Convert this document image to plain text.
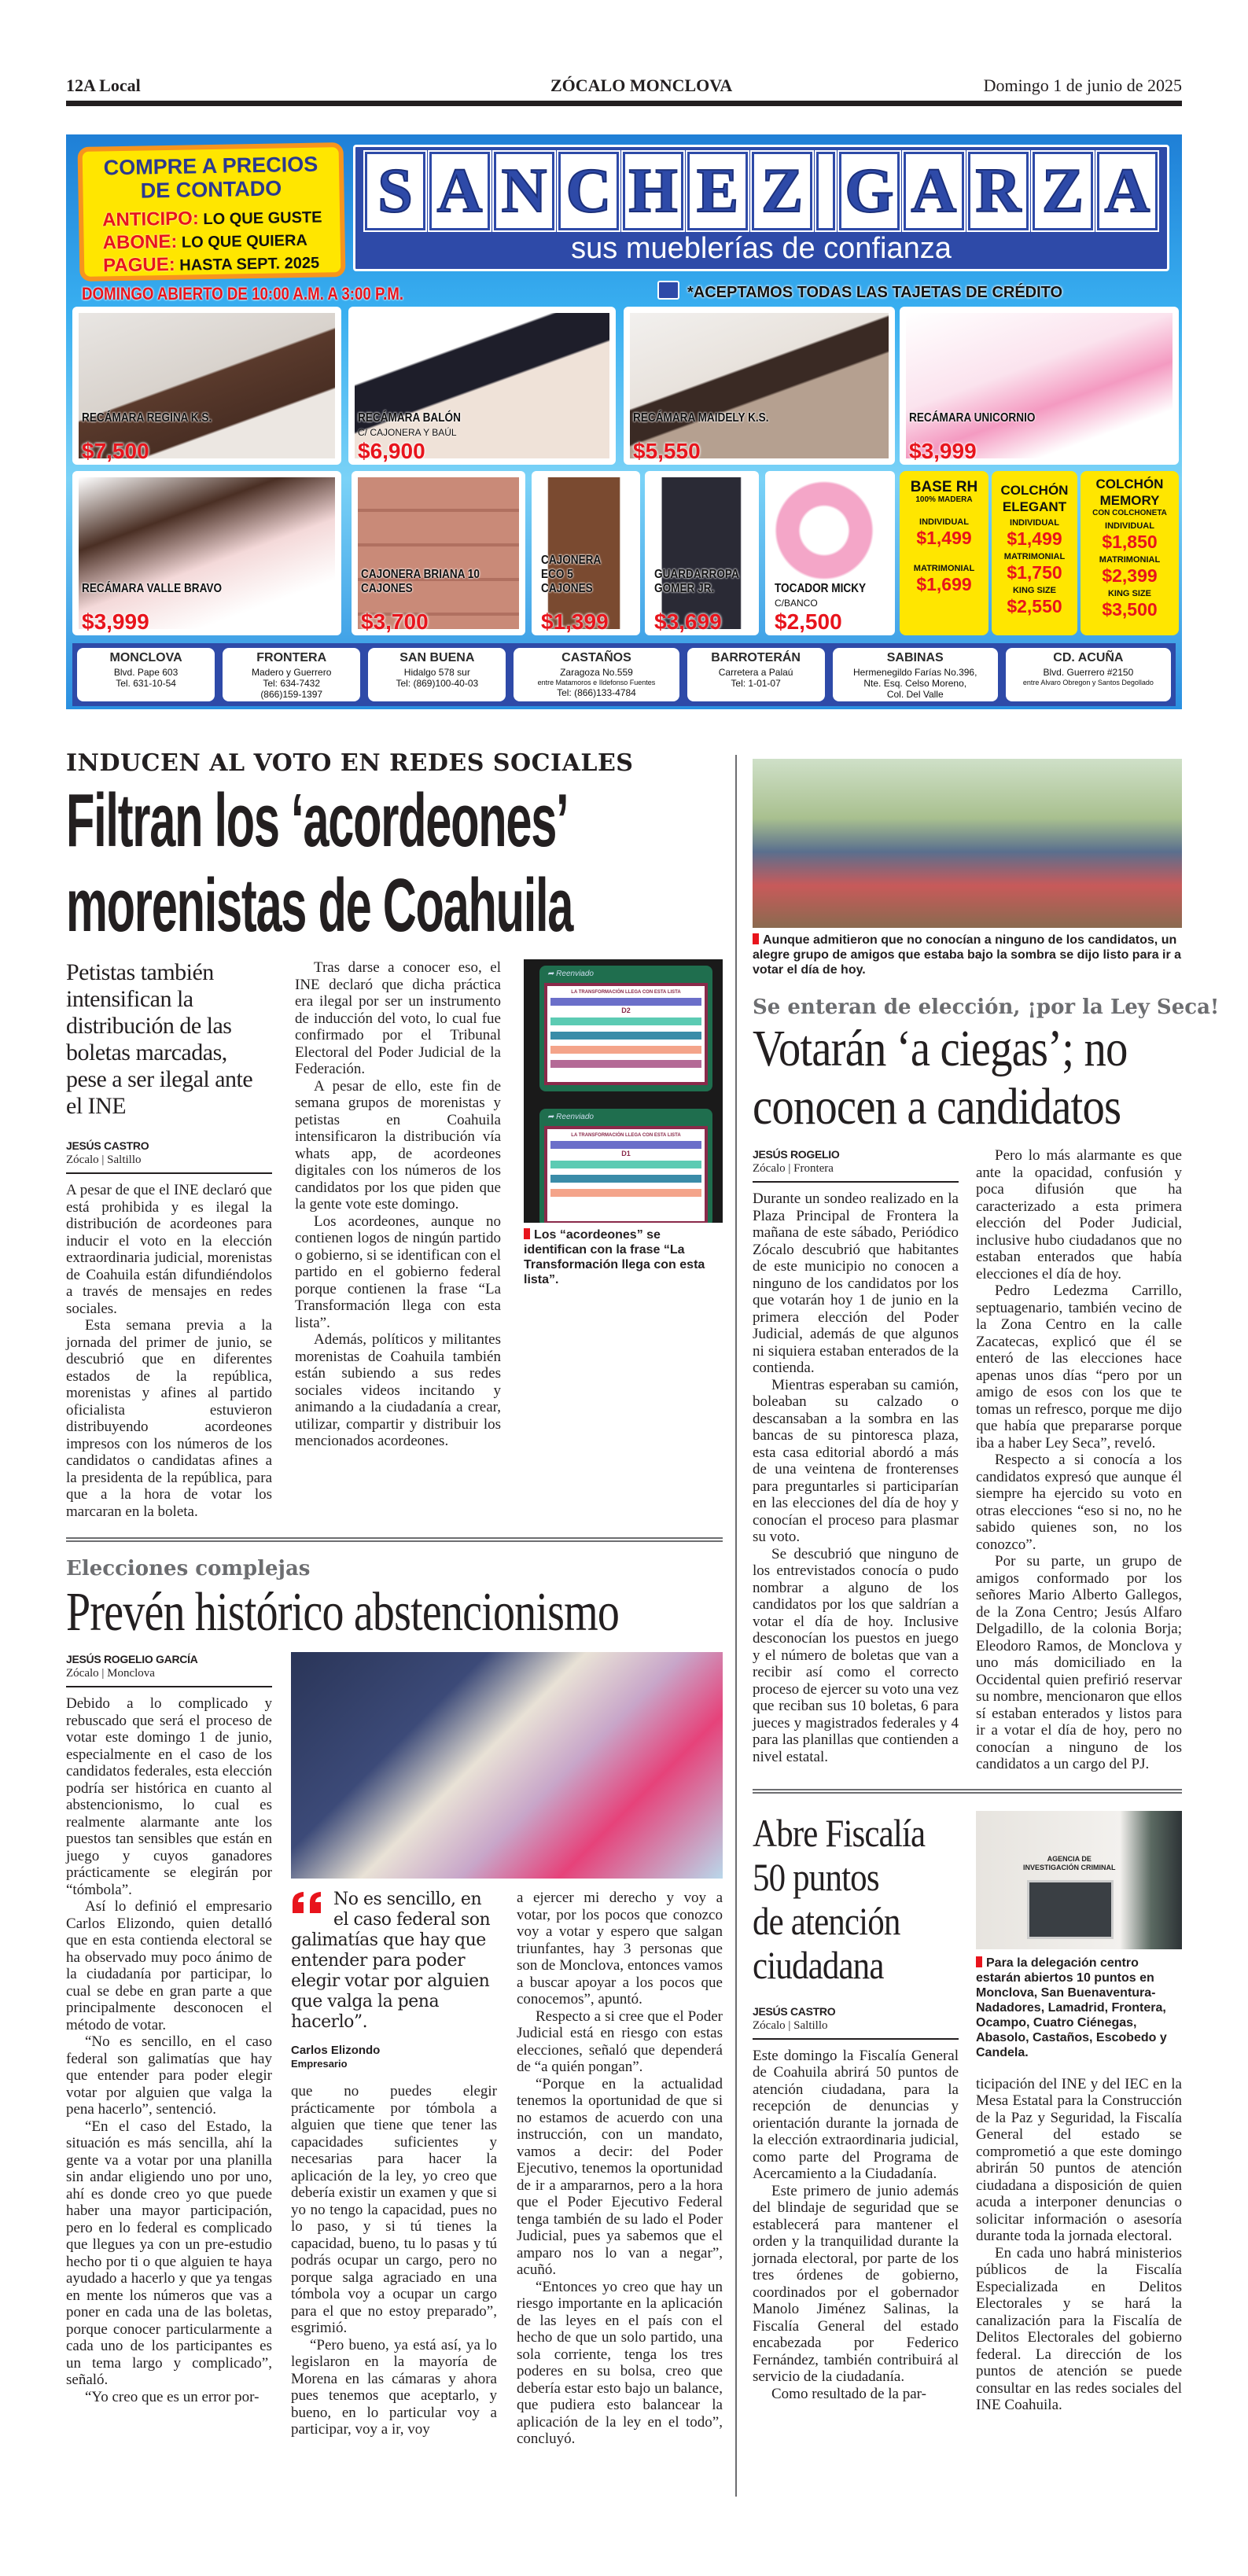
12A Local	ZÓCALO MONCLOVA	Domingo 1 de junio de 2025
COMPRE A PRECIOS
DE CONTADO
ANTICIPO: LO QUE GUSTE
ABONE: LO QUE QUIERA
PAGUE: HASTA SEPT. 2025
S A N C H E Z G A R Z A
sus mueblerías de confianza
DOMINGO ABIERTO DE 10:00 A.M. A 3:00 P.M.	*ACEPTAMOS TODAS LAS TAJETAS DE CRÉDITO
RECÁMARA REGINA K.S.
$7,500
RECÁMARA BALÓN
C/ CAJONERA Y BAÚL
$6,900
RECÁMARA MAIDELY K.S.
$5,550
RECÁMARA UNICORNIO
$3,999
RECÁMARA VALLE BRAVO
$3,999
CAJONERA BRIANA 10 CAJONES
$3,700
CAJONERA ECO 5 CAJONES
$1,399
GUARDARROPA GOMER JR.
$3,699
TOCADOR MICKY
C/BANCO
$2,500
BASE RH
100% MADERA
INDIVIDUAL
$1,499
MATRIMONIAL
$1,699
COLCHÓN ELEGANT
INDIVIDUAL
$1,499
MATRIMONIAL
$1,750
KING SIZE
$2,550
COLCHÓN MEMORY
CON COLCHONETA
INDIVIDUAL
$1,850
MATRIMONIAL
$2,399
KING SIZE
$3,500
MONCLOVA
Blvd. Pape 603
Tel. 631-10-54
FRONTERA
Madero y Guerrero
Tel: 634-7432
(866)159-1397
SAN BUENA
Hidalgo 578 sur
Tel: (869)100-40-03
CASTAÑOS
Zaragoza No.559
entre Matamoros e Ildefonso Fuentes
Tel: (866)133-4784
BARROTERÁN
Carretera a Palaú
Tel: 1-01-07
SABINAS
Hermenegildo Farías No.396,
Nte. Esq. Celso Moreno,
Col. Del Valle
CD. ACUÑA
Blvd. Guerrero #2150
entre Alvaro Obregon y Santos Degollado
INDUCEN AL VOTO EN REDES SOCIALES
Filtran los ‘acordeones’
morenistas de Coahuila
Petistas también intensifican la distribución de las boletas marcadas, pese a ser ilegal ante el INE
JESÚS CASTRO
Zócalo | Saltillo

A pesar de que el INE declaró que está prohibida y es ilegal la distribución de acordeones para inducir el voto en la elección extraordinaria judicial, morenistas de Coahuila están difundiéndolos a través de mensajes en redes sociales.

Esta semana previa a la jornada del primer de junio, se descubrió que en diferentes estados de la república, morenistas y afines al partido oficialista estuvieron distribuyendo acordeones impresos con los números de los candidatos o candidatas afines a la presidenta de la república, para que a la hora de votar los marcaran en la boleta.

Tras darse a conocer eso, el INE declaró que dicha práctica era ilegal por ser un instrumento de inducción del voto, lo cual fue confirmado por el Tribunal Electoral del Poder Judicial de la Federación.

A pesar de ello, este fin de semana grupos de morenistas y petistas en Coahuila intensificaron la distribución vía whats app, de acordeones digitales con los números de los candidatos por los que piden que la gente vote este domingo.

Los acordeones, aunque no contienen logos de ningún partido o gobierno, si se identifican con el partido en el gobierno federal porque contienen la frase “La Transformación llega con esta lista”.

Además, políticos y militantes morenistas de Coahuila también están subiendo a sus redes sociales videos incitando y animando a la ciudadanía a crear, utilizar, compartir y distribuir los mencionados acordeones.

➦ Reenviado
LA TRANSFORMACIÓN LLEGA CON ESTA LISTA
D2
➦ Reenviado
LA TRANSFORMACIÓN LLEGA CON ESTA LISTA
D1
Los “acordeones” se identifican con la frase “La Transformación llega con esta lista”.
Elecciones complejas
Prevén histórico abstencionismo
JESÚS ROGELIO GARCÍA
Zócalo | Monclova

Debido a lo complicado y rebuscado que será el proceso de votar este domingo 1 de junio, especialmente en el caso de los candidatos federales, esta elección podría ser histórica en cuanto al abstencionismo, lo cual es realmente alarmante ante los puestos tan sensibles que están en juego y cuyos ganadores prácticamente se elegirán por “tómbola”.

Así lo definió el empresario Carlos Elizondo, quien detalló que en esta contienda electoral se ha observado muy poco ánimo de la ciudadanía por participar, lo cual se debe en gran parte a que principalmente desconocen el método de votar.

“No es sencillo, en el caso federal son galimatías que hay que entender para poder elegir votar por alguien que valga la pena hacerlo”, sentenció.

“En el caso del Estado, la situación es más sencilla, ahí la gente va a votar por una planilla sin andar eligiendo uno por uno, ahí es donde creo yo que puede haber una mayor participación, pero en lo federal es complicado que llegues ya con un pre-estudio hecho por ti o que alguien te haya ayudado a hacerlo y que ya tengas en mente los números que vas a poner en cada una de las boletas, porque conocer particularmente a cada uno de los participantes es un tema largo y complicado”, señaló.

“Yo creo que es un error por-

No es sencillo, en el caso federal son galimatías que hay que entender para poder elegir votar por alguien que valga la pena hacerlo”.
Carlos Elizondo
Empresario

que no puedes elegir prácticamente por tómbola a alguien que tiene que tener las capacidades suficientes y necesarias para hacer la aplicación de la ley, yo creo que debería existir un examen y que si yo no tengo la capacidad, pues no lo paso, y si tú tienes la capacidad, bueno, tu lo pasas y tú podrás ocupar un cargo, pero no porque salga agraciado en una tómbola voy a ocupar un cargo para el que no estoy preparado”, esgrimió.

“Pero bueno, ya está así, ya lo legislaron en la mayoría de Morena en las cámaras y ahora pues tenemos que aceptarlo, y bueno, en lo particular voy a participar, voy a ir, voy

a ejercer mi derecho y voy a votar, por los pocos que conozco voy a votar y espero que salgan triunfantes, hay 3 personas que son de Monclova, entonces vamos a buscar apoyar a los pocos que conocemos”, apuntó.

Respecto a si cree que el Poder Judicial está en riesgo con estas elecciones, señaló que dependerá de “a quién pongan”.

“Porque en la actualidad tenemos la oportunidad de que si no estamos de acuerdo con una instrucción, con un mandato, vamos a decir: del Poder Ejecutivo, tenemos la oportunidad de ir a ampararnos, pero a la hora que el Poder Ejecutivo Federal tenga también de su lado el Poder Judicial, pues ya sabemos que el amparo nos lo van a negar”, acuñó.

“Entonces yo creo que hay un riesgo importante en la aplicación de las leyes en el país con el hecho de que un solo partido, una sola corriente, tenga los tres poderes en su bolsa, creo que debería estar esto bajo un balance, que pudiera esto balancear la aplicación de la ley en el todo”, concluyó.

Aunque admitieron que no conocían a ninguno de los candidatos, un alegre grupo de amigos que estaba bajo la sombra se dijo listo para ir a votar el día de hoy.
Se enteran de elección, ¡por la Ley Seca!
Votarán ‘a ciegas’; no
conocen a candidatos
JESÚS ROGELIO
Zócalo | Frontera

Durante un sondeo realizado en la Plaza Principal de Frontera la mañana de este sábado, Periódico Zócalo descubrió que habitantes de este municipio no conocen a ninguno de los candidatos por los que votarán hoy 1 de junio en la primera elección del Poder Judicial, además de que algunos ni siquiera estaban enterados de la contienda.

Mientras esperaban su camión, boleaban su calzado o descansaban a la sombra en las bancas de su pintoresca plaza, esta casa editorial abordó a más de una veintena de fronterenses para preguntarles si participarían en las elecciones del día de hoy y conocían el proceso para plasmar su voto.

Se descubrió que ninguno de los entrevistados conocía o pudo nombrar a alguno de los candidatos por los que saldrían a votar el día de hoy. Inclusive desconocían los puestos en juego y el número de boletas que van a recibir así como el correcto proceso de ejercer su voto una vez que reciban sus 10 boletas, 6 para jueces y magistrados federales y 4 para las planillas que contienden a nivel estatal.

Pero lo más alarmante es que ante la opacidad, confusión y poca difusión que ha caracterizado a esta primera elección del Poder Judicial, inclusive hubo ciudadanos que no estaban enterados que había elecciones el día de hoy.

Pedro Ledezma Carrillo, septuagenario, también vecino de la Zona Centro en la calle Zacatecas, explicó que él se enteró de las elecciones hace apenas unos días “pero por un amigo de esos con los que te tomas un refresco, porque me dijo que había que prepararse porque iba a haber Ley Seca”, reveló.

Respecto a si conocía a los candidatos expresó que aunque él siempre ha ejercido su voto en otras elecciones “eso si no, no he sabido quienes son, no los conozco”.

Por su parte, un grupo de amigos conformado por los señores Mario Alberto Gallegos, de la Zona Centro; Jesús Alfaro Delgadillo, de la colonia Borja; Eleodoro Ramos, de Monclova y uno más domiciliado en la Occidental quien prefirió reservar su nombre, mencionaron que ellos sí estaban enterados y listos para ir a votar el día de hoy, pero no conocían a ninguno de los candidatos a un cargo del PJ.

Abre Fiscalía
50 puntos
de atención
ciudadana
JESÚS CASTRO
Zócalo | Saltillo

Este domingo la Fiscalía General de Coahuila abrirá 50 puntos de atención ciudadana, para la recepción de denuncias y orientación durante la jornada de la elección extraordinaria judicial, como parte del Programa de Acercamiento a la Ciudadanía.

Este primero de junio además del blindaje de seguridad que se establecerá para mantener el orden y la tranquilidad durante la jornada electoral, por parte de los tres órdenes de gobierno, coordinados por el gobernador Manolo Jiménez Salinas, la Fiscalía General del estado encabezada por Federico Fernández, también contribuirá al servicio de la ciudadanía.

Como resultado de la par-

AGENCIA DE
INVESTIGACIÓN CRIMINAL
Para la delegación centro estarán abiertos 10 puntos en Monclova, San Buenaventura-Nadadores, Lamadrid, Frontera, Ocampo, Cuatro Ciénegas, Abasolo, Castaños, Escobedo y Candela.

ticipación del INE y del IEC en la Mesa Estatal para la Construcción de la Paz y Seguridad, la Fiscalía General del estado se comprometió a que este domingo abrirán 50 puntos de atención ciudadana a disposición de quien acuda a interponer denuncias o solicitar información o asesoría durante toda la jornada electoral.

En cada uno habrá ministerios públicos de la Fiscalía Especializada en Delitos Electorales y se hará la canalización para la Fiscalía de Delitos Electorales del gobierno federal. La dirección de los puntos de atención se puede consultar en las redes sociales del INE Coahuila.
